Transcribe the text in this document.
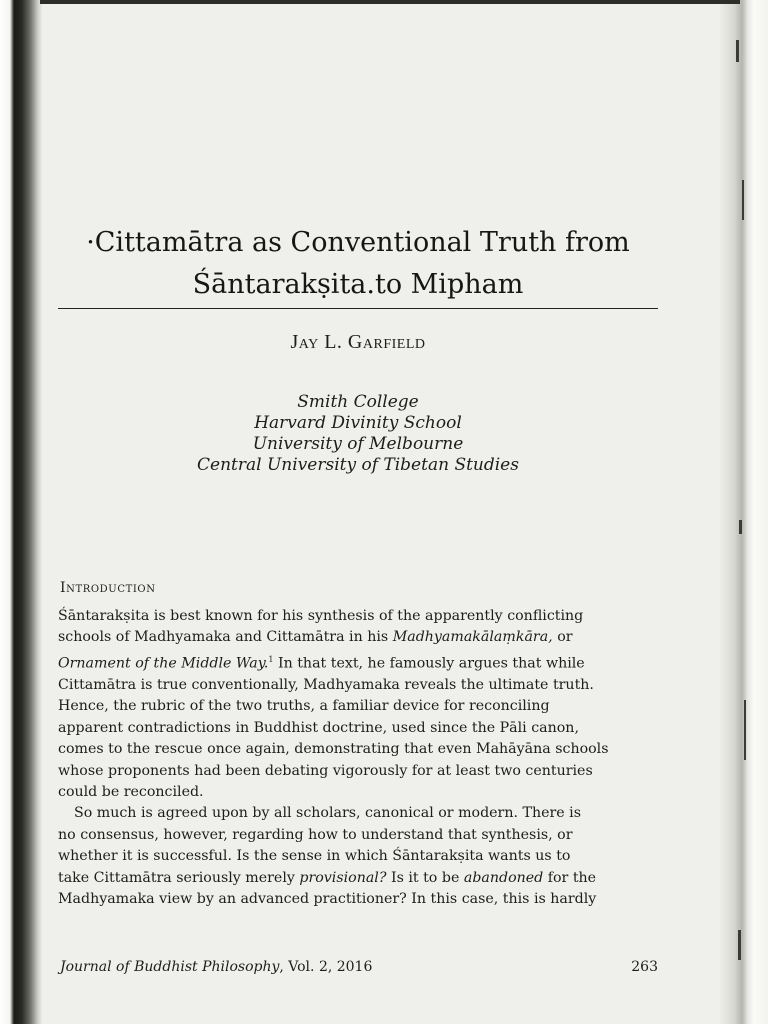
·Cittamātra as Conventional Truth from
Śāntarakṣita.to Mipham
Jay L. Garfield
Smith College
Harvard Divinity School
University of Melbourne
Central University of Tibetan Studies
Introduction
Śāntarakṣita is best known for his synthesis of the apparently conflicting
schools of Madhyamaka and Cittamātra in his Madhyamakālaṃkāra, or
Ornament of the Middle Way.$^1$ In that text, he famously argues that while
Cittamātra is true conventionally, Madhyamaka reveals the ultimate truth.
Hence, the rubric of the two truths, a familiar device for reconciling
apparent contradictions in Buddhist doctrine, used since the Pāli canon,
comes to the rescue once again, demonstrating that even Mahāyāna schools
whose proponents had been debating vigorously for at least two centuries
could be reconciled.
So much is agreed upon by all scholars, canonical or modern. There is
no consensus, however, regarding how to understand that synthesis, or
whether it is successful. Is the sense in which Śāntarakṣita wants us to
take Cittamātra seriously merely provisional? Is it to be abandoned for the
Madhyamaka view by an advanced practitioner? In this case, this is hardly
Journal of Buddhist Philosophy, Vol. 2, 2016	263
